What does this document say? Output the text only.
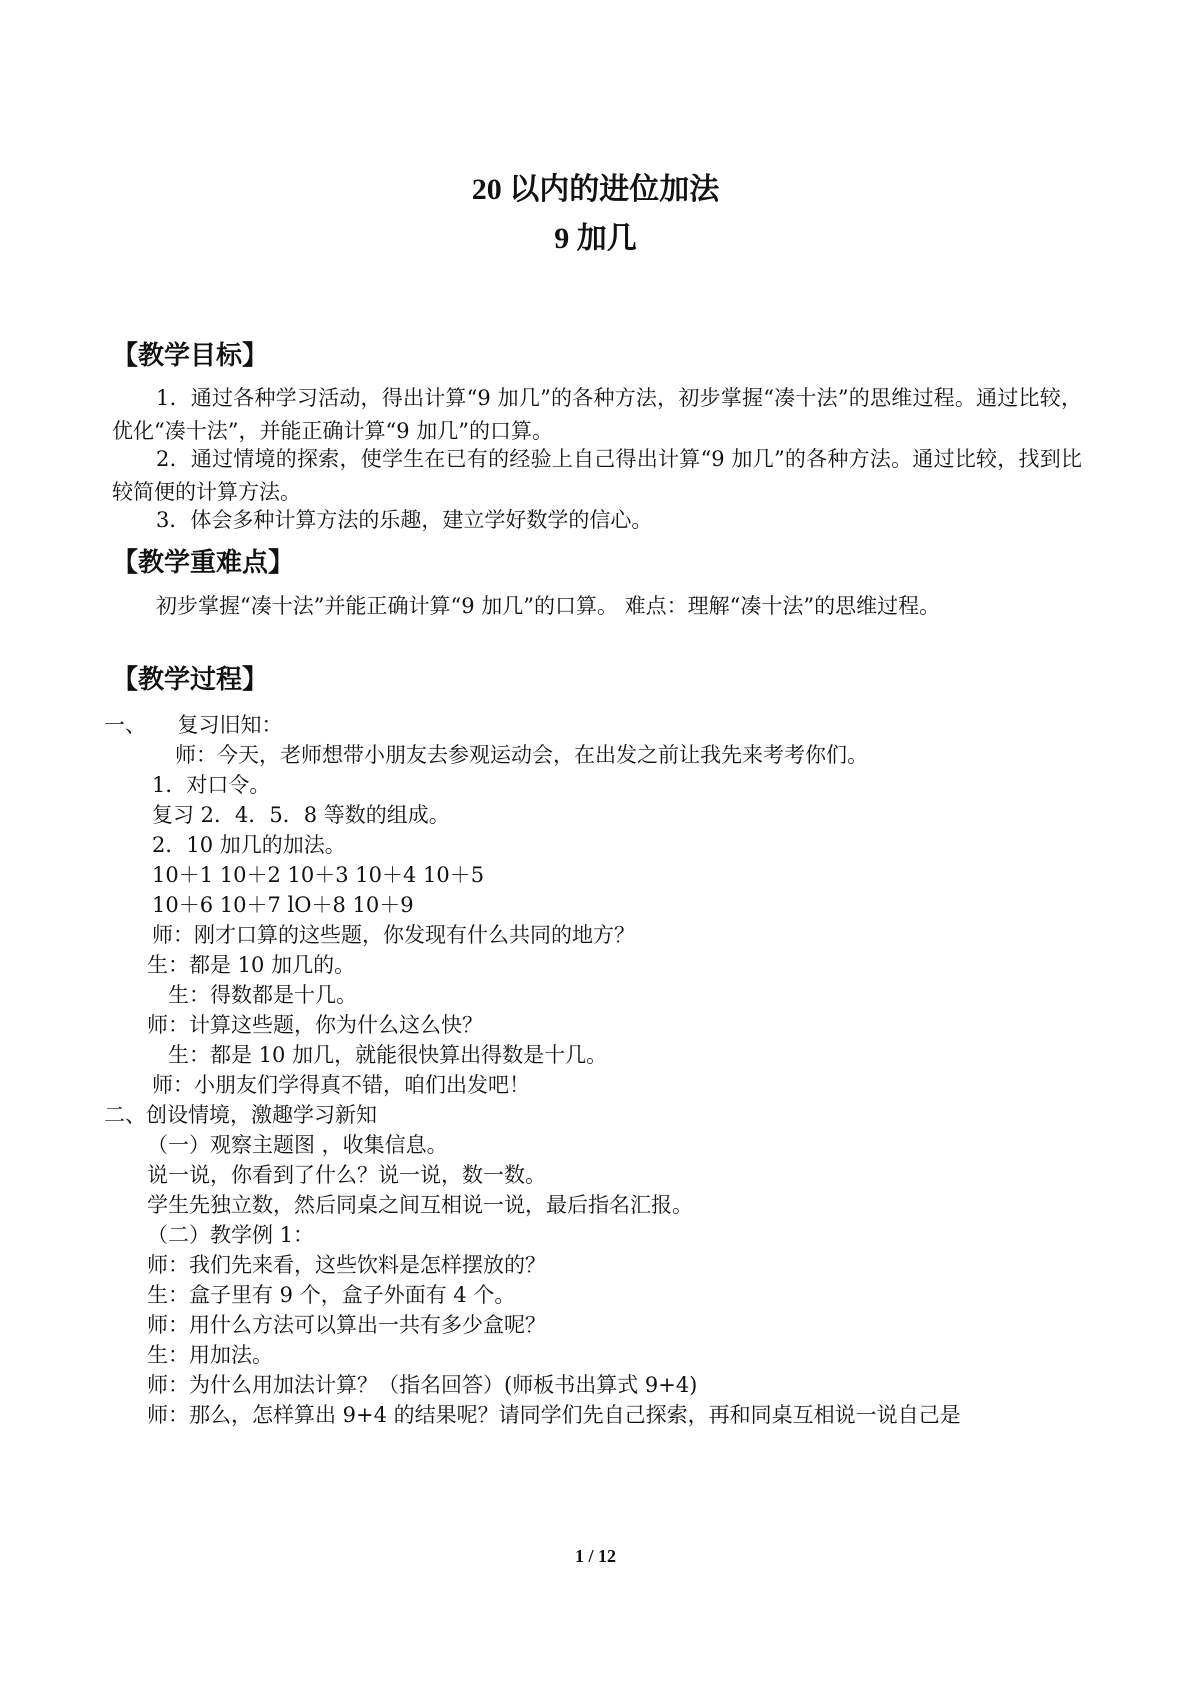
20 以内的进位加法
9 加几
【教学目标】
1．通过各种学习活动，得出计算“9 加几”的各种方法，初步掌握“凑十法”的思维过程。通过比较，优化“凑十法”，并能正确计算“9 加几”的口算。
2．通过情境的探索，使学生在已有的经验上自己得出计算“9 加几”的各种方法。通过比较，找到比较简便的计算方法。
3．体会多种计算方法的乐趣，建立学好数学的信心。
【教学重难点】
初步掌握“凑十法”并能正确计算“9 加几”的口算。 难点：理解“凑十法”的思维过程。
【教学过程】
一、　　复习旧知：
师：今天，老师想带小朋友去参观运动会，在出发之前让我先来考考你们。
1．对口令。
复习 2．4．5．8 等数的组成。
2．10 加几的加法。
10＋1 10＋2 10＋3 10＋4 10＋5
10＋6 10＋7 lO＋8 10＋9
师：刚才口算的这些题，你发现有什么共同的地方？
生：都是 10 加几的。
生：得数都是十几。
师：计算这些题，你为什么这么快？
生：都是 10 加几，就能很快算出得数是十几。
师：小朋友们学得真不错，咱们出发吧！
二、创设情境，激趣学习新知
（一）观察主题图 ，收集信息。
说一说，你看到了什么？说一说，数一数。
学生先独立数，然后同桌之间互相说一说，最后指名汇报。
（二）教学例 1：
师：我们先来看，这些饮料是怎样摆放的？
生：盒子里有 9 个，盒子外面有 4 个。
师：用什么方法可以算出一共有多少盒呢？
生：用加法。
师：为什么用加法计算？（指名回答）(师板书出算式 9+4)
师：那么，怎样算出 9+4 的结果呢？请同学们先自己探索，再和同桌互相说一说自己是
1 / 12
